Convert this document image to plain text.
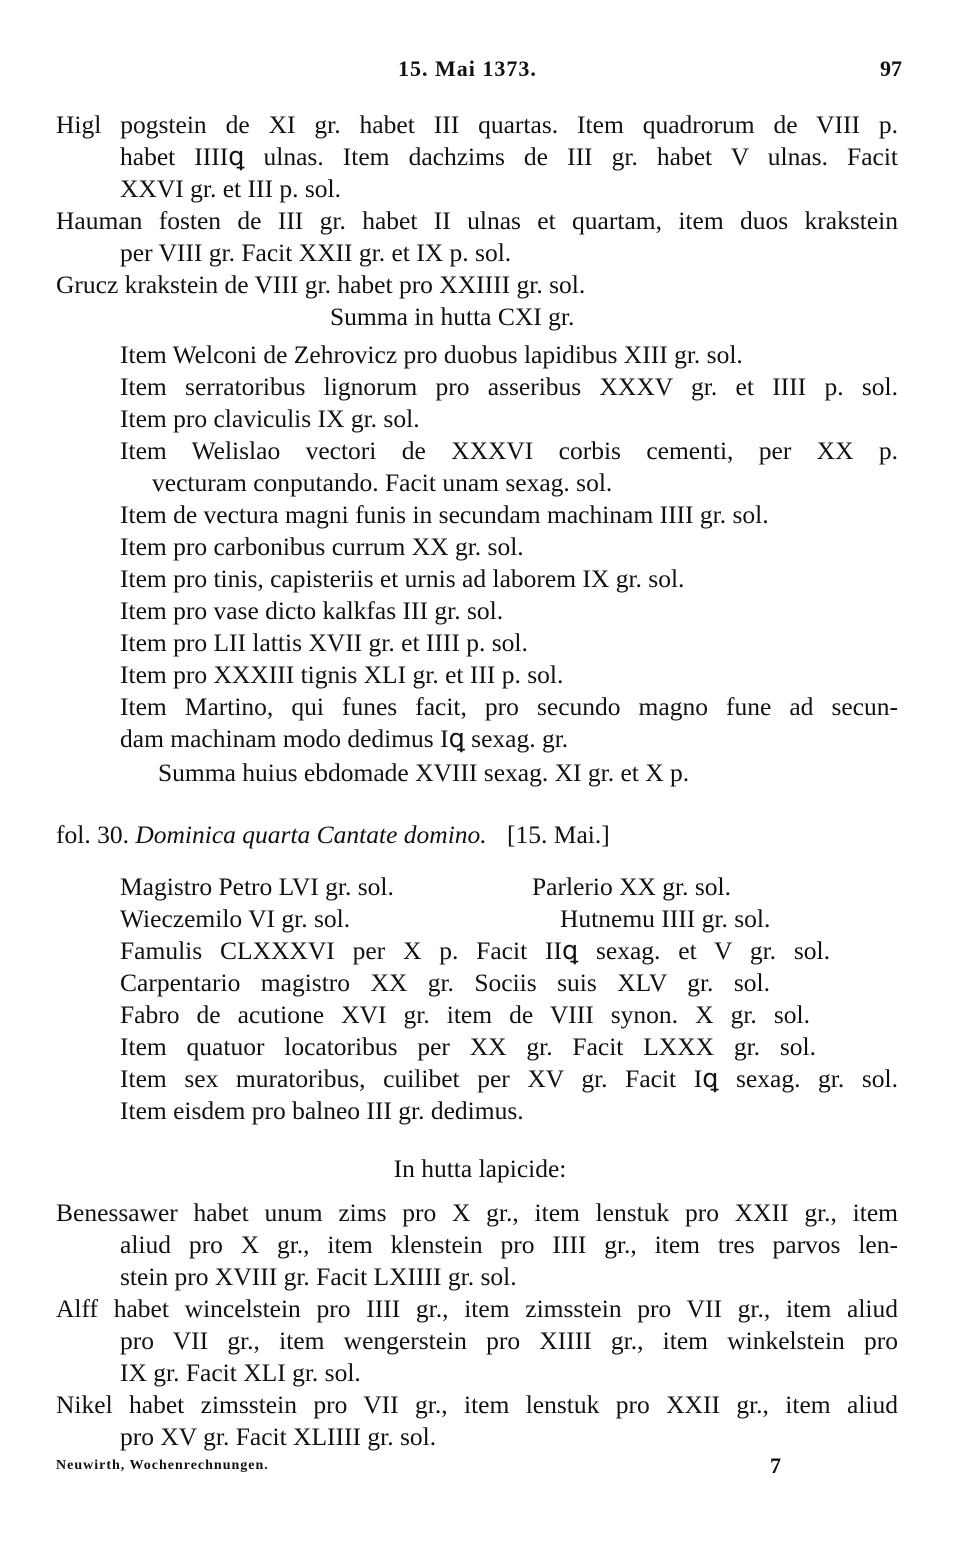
15. Mai 1373.	97
Higl pogstein de XI gr. habet III quartas. Item quadrorum de VIII p.
habet IIIIꝗ ulnas. Item dachzims de III gr. habet V ulnas. Facit
XXVI gr. et III p. sol.
Hauman fosten de III gr. habet II ulnas et quartam, item duos krakstein
per VIII gr. Facit XXII gr. et IX p. sol.
Grucz krakstein de VIII gr. habet pro XXIIII gr. sol.
Summa in hutta CXI gr.
Item Welconi de Zehrovicz pro duobus lapidibus XIII gr. sol.
Item serratoribus lignorum pro asseribus XXXV gr. et IIII p. sol.
Item pro claviculis IX gr. sol.
Item Welislao vectori de XXXVI corbis cementi, per XX p.
vecturam conputando. Facit unam sexag. sol.
Item de vectura magni funis in secundam machinam IIII gr. sol.
Item pro carbonibus currum XX gr. sol.
Item pro tinis, capisteriis et urnis ad laborem IX gr. sol.
Item pro vase dicto kalkfas III gr. sol.
Item pro LII lattis XVII gr. et IIII p. sol.
Item pro XXXIII tignis XLI gr. et III p. sol.
Item Martino, qui funes facit, pro secundo magno fune ad secun-
dam machinam modo dedimus Iꝗ sexag. gr.
Summa huius ebdomade XVIII sexag. XI gr. et X p.
fol. 30. Dominica quarta Cantate domino. [15. Mai.]
Magistro Petro LVI gr. sol.	Parlerio XX gr. sol.
Wieczemilo VI gr. sol.	Hutnemu IIII gr. sol.
Famulis CLXXXVI per X p. Facit IIꝗ sexag. et V gr. sol.
Carpentario magistro XX gr. Sociis suis XLV gr. sol.
Fabro de acutione XVI gr. item de VIII synon. X gr. sol.
Item quatuor locatoribus per XX gr. Facit LXXX gr. sol.
Item sex muratoribus, cuilibet per XV gr. Facit Iꝗ sexag. gr. sol.
Item eisdem pro balneo III gr. dedimus.
In hutta lapicide:
Benessawer habet unum zims pro X gr., item lenstuk pro XXII gr., item
aliud pro X gr., item klenstein pro IIII gr., item tres parvos len-
stein pro XVIII gr. Facit LXIIII gr. sol.
Alff habet wincelstein pro IIII gr., item zimsstein pro VII gr., item aliud
pro VII gr., item wengerstein pro XIIII gr., item winkelstein pro
IX gr. Facit XLI gr. sol.
Nikel habet zimsstein pro VII gr., item lenstuk pro XXII gr., item aliud
pro XV gr. Facit XLIIII gr. sol.
Neuwirth, Wochenrechnungen.	7
